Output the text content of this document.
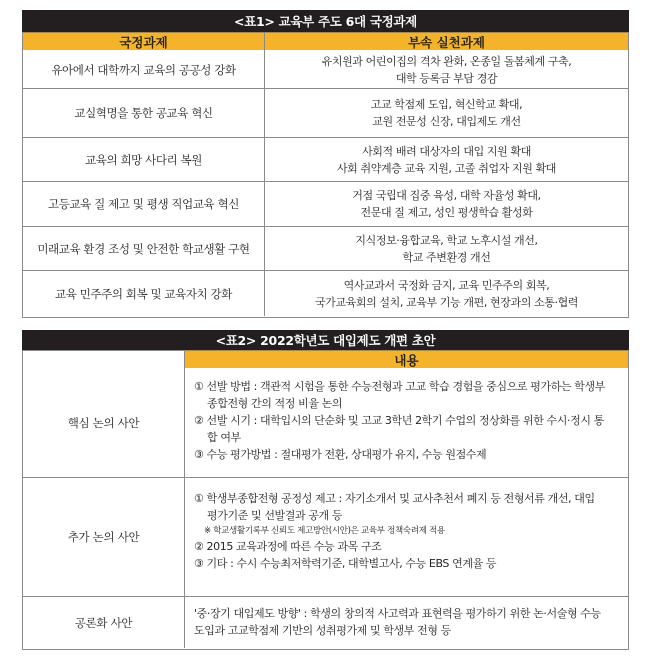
<표1> 교육부 주도 6대 국정과제
국정과제	부속 실천과제
유아에서 대학까지 교육의 공공성 강화
유치원과 어린이집의 격차 완화, 온종일 돌봄체계 구축,
대학 등록금 부담 경감
교실혁명을 통한 공교육 혁신
고교 학점제 도입, 혁신학교 확대,
교원 전문성 신장, 대입제도 개선
교육의 희망 사다리 복원
사회적 배려 대상자의 대입 지원 확대
사회 취약계층 교육 지원, 고졸 취업자 지원 확대
고등교육 질 제고 및 평생 직업교육 혁신
거점 국립대 집중 육성, 대학 자율성 확대,
전문대 질 제고, 성인 평생학습 활성화
미래교육 환경 조성 및 안전한 학교생활 구현
지식정보·융합교육, 학교 노후시설 개선,
학교 주변환경 개선
교육 민주주의 회복 및 교육자치 강화
역사교과서 국정화 금지, 교육 민주주의 회복,
국가교육회의 설치, 교육부 기능 개편, 현장과의 소통·협력
<표2> 2022학년도 대입제도 개편 초안
내용
핵심 논의 사안

① 선발 방법 : 객관적 시험을 통한 수능전형과 고교 학습 경험을 중심으로 평가하는 학생부
종합전형 간의 적정 비율 논의

② 선발 시기 : 대학입시의 단순화 및 고교 3학년 2학기 수업의 정상화를 위한 수시·정시 통
합 여부

③ 수능 평가방법 : 절대평가 전환, 상대평가 유지, 수능 원점수제

추가 논의 사안

① 학생부종합전형 공정성 제고 : 자기소개서 및 교사추천서 폐지 등 전형서류 개선, 대입
평가기준 및 선발결과 공개 등

※ 학교생활기록부 신뢰도 제고방안(시안)은 교육부 정책숙려제 적용

② 2015 교육과정에 따른 수능 과목 구조

③ 기타 : 수시 수능최저학력기준, 대학별고사, 수능 EBS 연계율 등

공론화 사안

'중·장기 대입제도 방향' : 학생의 창의적 사고력과 표현력을 평가하기 위한 논·서술형 수능
도입과 고교학점제 기반의 성취평가제 및 학생부 전형 등
